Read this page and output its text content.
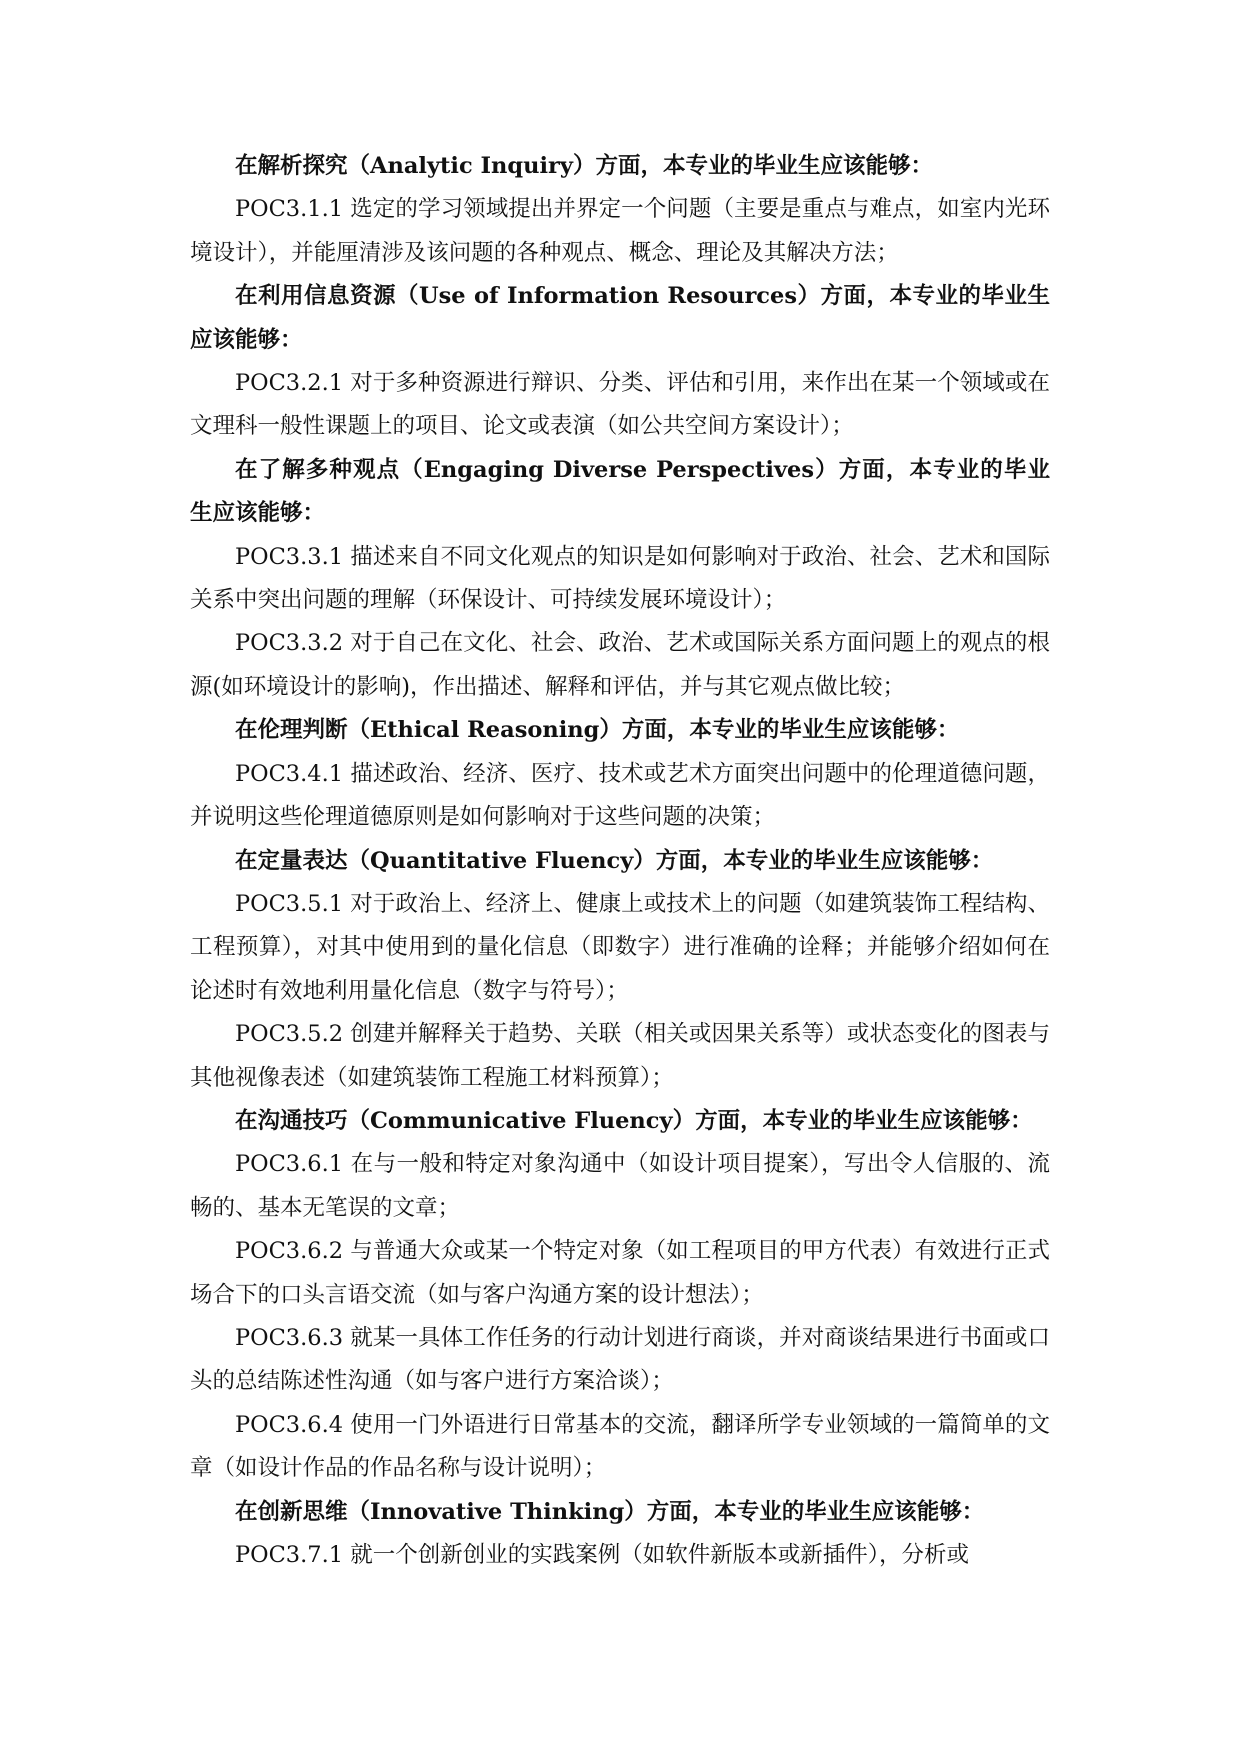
在解析探究（Analytic Inquiry）方面，本专业的毕业生应该能够：

POC3.1.1 选定的学习领域提出并界定一个问题（主要是重点与难点，如室内光环境设计），并能厘清涉及该问题的各种观点、概念、理论及其解决方法；

在利用信息资源（Use of Information Resources）方面，本专业的毕业生应该能够：

POC3.2.1 对于多种资源进行辩识、分类、评估和引用，来作出在某一个领域或在文理科一般性课题上的项目、论文或表演（如公共空间方案设计）；

在了解多种观点（Engaging Diverse Perspectives）方面，本专业的毕业生应该能够：

POC3.3.1 描述来自不同文化观点的知识是如何影响对于政治、社会、艺术和国际关系中突出问题的理解（环保设计、可持续发展环境设计）；

POC3.3.2 对于自己在文化、社会、政治、艺术或国际关系方面问题上的观点的根源(如环境设计的影响)，作出描述、解释和评估，并与其它观点做比较；

在伦理判断（Ethical Reasoning）方面，本专业的毕业生应该能够：

POC3.4.1 描述政治、经济、医疗、技术或艺术方面突出问题中的伦理道德问题，并说明这些伦理道德原则是如何影响对于这些问题的决策；

在定量表达（Quantitative Fluency）方面，本专业的毕业生应该能够：

POC3.5.1 对于政治上、经济上、健康上或技术上的问题（如建筑装饰工程结构、工程预算），对其中使用到的量化信息（即数字）进行准确的诠释；并能够介绍如何在论述时有效地利用量化信息（数字与符号）；

POC3.5.2 创建并解释关于趋势、关联（相关或因果关系等）或状态变化的图表与其他视像表述（如建筑装饰工程施工材料预算）；

在沟通技巧（Communicative Fluency）方面，本专业的毕业生应该能够：

POC3.6.1 在与一般和特定对象沟通中（如设计项目提案），写出令人信服的、流畅的、基本无笔误的文章；

POC3.6.2 与普通大众或某一个特定对象（如工程项目的甲方代表）有效进行正式场合下的口头言语交流（如与客户沟通方案的设计想法）；

POC3.6.3 就某一具体工作任务的行动计划进行商谈，并对商谈结果进行书面或口头的总结陈述性沟通（如与客户进行方案洽谈）；

POC3.6.4 使用一门外语进行日常基本的交流，翻译所学专业领域的一篇简单的文章（如设计作品的作品名称与设计说明）；

在创新思维（Innovative Thinking）方面，本专业的毕业生应该能够：

POC3.7.1 就一个创新创业的实践案例（如软件新版本或新插件），分析或
